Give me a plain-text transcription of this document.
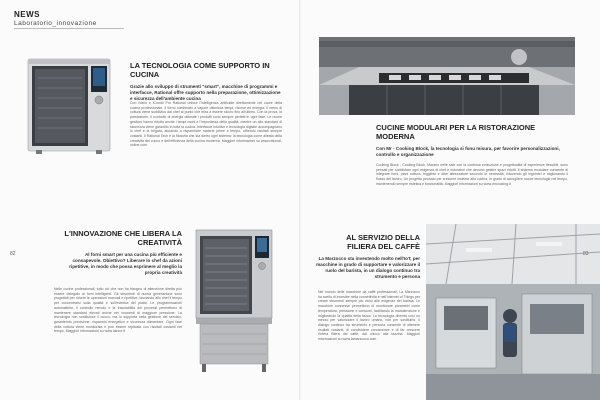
NEWS
Laboratorio_innovazione
LA TECNOLOGIA COME SUPPORTO IN CUCINA
Grazie allo sviluppo di strumenti "smart", macchine di programmi e interfacce, Rational offre supporto nella preparazione, ottimizzazione e sicurezza dell'ambiente cucina
Con iVario e iCombi Pro Rational unisce l'intelligenza artificiale direttamente nel cuore della cucina professionale. Il forno combinato a vapore ottimizza tempi, risorse ed energia: il menu di cottura viene suddiviso dal chef al punto che mira a essere sicuro fino all'ultimo. Con la prova, la prestazione, il controllo di energia ottimale i prodotti sono sempre perfetti in ogni fase. Le nuove gestioni hanno ridotto anche i tempi morti e l'importanza della qualità, mentre un alto standard di sicurezza viene garantito in tutta la cucina. Interfacce intuitive e tecnologia digitale accompagnano lo chef e la brigata, aiutando a risparmiare materie prime e tempo, offrendo risultati sempre costanti. Il Rational Tech è la filosofia che sta dietro ogni sistema: la tecnologia come alleata della creatività del cuoco e dell'efficienza della cucina moderna. Maggiori informazioni su www.rational-online.com
CUCINE MODULARI PER LA RISTORAZIONE MODERNA
Con Mr - Cooking Block, la tecnologia si fonu misura, per favorire personalizzazioni, controllo e organizzazione
Cooking Block - Cooking Block, Marano nelle sale con la continua evoluzione e progettualità di esperienze flessibili, sono pensati per soddisfare ogni esigenza di chef e ristoratori che devono gestire spazi ridotti. Il sistema modulare consente di integrare forni, piani cottura, friggitrici e altre attrezzature secondo le necessità, riducendo gli ingombri e migliorando il flusso del lavoro. Un progetto pensato per crescere insieme alla cucina, in grado di accogliere nuove tecnologie nel tempo, mantenendo sempre estetica e funzionalità. Maggiori informazioni su www.mrcooking.it
L'INNOVAZIONE CHE LIBERA LA CREATIVITÀ
Al forni smart per una cucina più efficiente e consapevole. Obiettivo? Liberare lo chef da azioni ripetitive, in modo che possa esprimere al meglio la propria creatività
Nelle cucine professionali, tutto ciò che non ha bisogno di attenzione diretta può essere delegato ai forni intelligenti. Gli strumenti di nuova generazione sono progettati per ridurre le operazioni manuali e ripetitive, lasciando allo chef il tempo per concentrarsi sulla qualità e sull'estetica del piatto. Le programmazioni automatiche, il controllo remoto e la tracciabilità dei processi permettono di mantenere standard elevati anche nei momenti di maggiore pressione. La tecnologia non sostituisce il cuoco, ma lo supporta nella gestione del servizio, garantendo precisione, risparmio energetico e sicurezza alimentare. Ogni fase della cottura viene monitorata e può essere replicata con risultati costanti nel tempo. Maggiori informazioni su www.lainox.it
AL SERVIZIO DELLA FILIERA DEL CAFFÈ
La Marzocco sta investendo molto nell'IoT, per macchine in grado di supportare e valorizzare il ruolo del barista, in un dialogo continuo tra strumento e persona
Nel mondo delle macchine da caffè professionali, La Marzocco ha scelto di investire nella connettività e nell'Internet of Things per creare strumenti sempre più vicini alle esigenze del barista. Le macchine connesse permettono di monitorare parametri come temperatura, pressione e consumi, facilitando la manutenzione e migliorando la qualità della tazza. La tecnologia diventa così un mezzo per valorizzare il lavoro umano, non per sostituirlo. Il dialogo continuo tra strumento e persona consente di ottenere risultati costanti, di condividere conoscenze e di far crescere l'intera filiera del caffè, dal chicco alla tazzina. Maggiori informazioni su www.lamarzocco.com
82	83
